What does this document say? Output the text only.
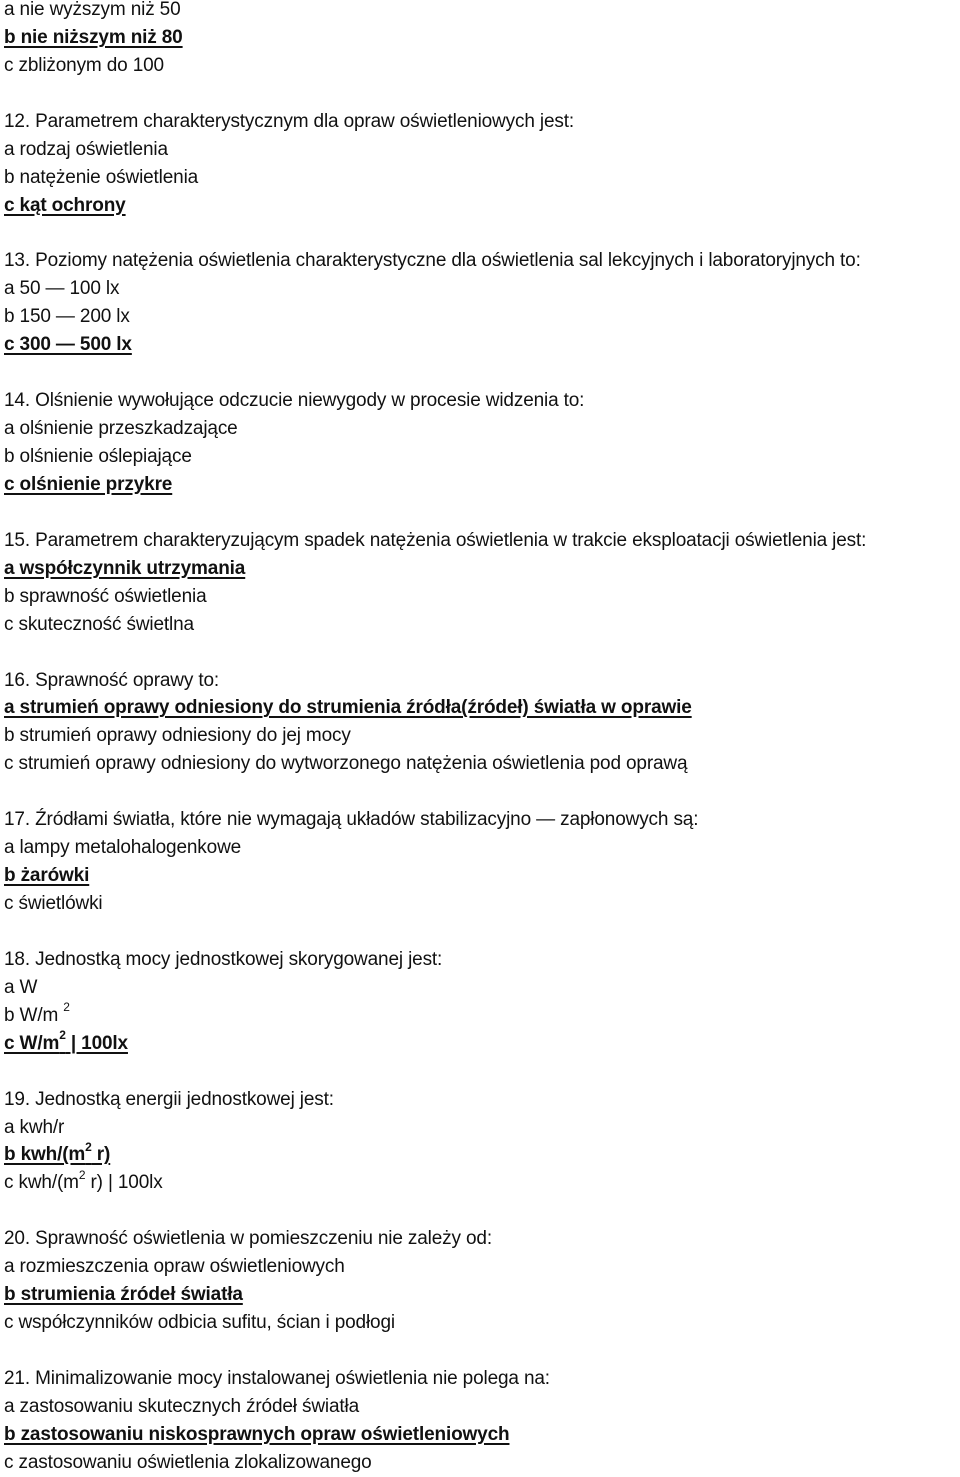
a nie wyższym niż 50
b nie niższym niż 80
c zbliżonym do 100
12. Parametrem charakterystycznym dla opraw oświetleniowych jest:
a rodzaj oświetlenia
b natężenie oświetlenia
c kąt ochrony
13. Poziomy natężenia oświetlenia charakterystyczne dla oświetlenia sal lekcyjnych i laboratoryjnych to:
a 50 — 100 lx
b 150 — 200 lx
c 300 — 500 lx
14. Olśnienie wywołujące odczucie niewygody w procesie widzenia to:
a olśnienie przeszkadzające
b olśnienie oślepiające
c olśnienie przykre
15. Parametrem charakteryzującym spadek natężenia oświetlenia w trakcie eksploatacji oświetlenia jest:
a współczynnik utrzymania
b sprawność oświetlenia
c skuteczność świetlna
16. Sprawność oprawy to:
a strumień oprawy odniesiony do strumienia źródła(źródeł) światła w oprawie
b strumień oprawy odniesiony do jej mocy
c strumień oprawy odniesiony do wytworzonego natężenia oświetlenia pod oprawą
17. Źródłami światła, które nie wymagają układów stabilizacyjno — zapłonowych są:
a lampy metalohalogenkowe
b żarówki
c świetlówki
18. Jednostką mocy jednostkowej skorygowanej jest:
a W
b W/m $^2$
c $W/m^2$ | 100lx
19. Jednostką energii jednostkowej jest:
a kwh/r
b kwh/($m^2$ r)
c kwh/($m^2$ r) | 100lx
20. Sprawność oświetlenia w pomieszczeniu nie zależy od:
a rozmieszczenia opraw oświetleniowych
b strumienia źródeł światła
c współczynników odbicia sufitu, ścian i podłogi
21. Minimalizowanie mocy instalowanej oświetlenia nie polega na:
a zastosowaniu skutecznych źródeł światła
b zastosowaniu niskosprawnych opraw oświetleniowych
c zastosowaniu oświetlenia zlokalizowanego
